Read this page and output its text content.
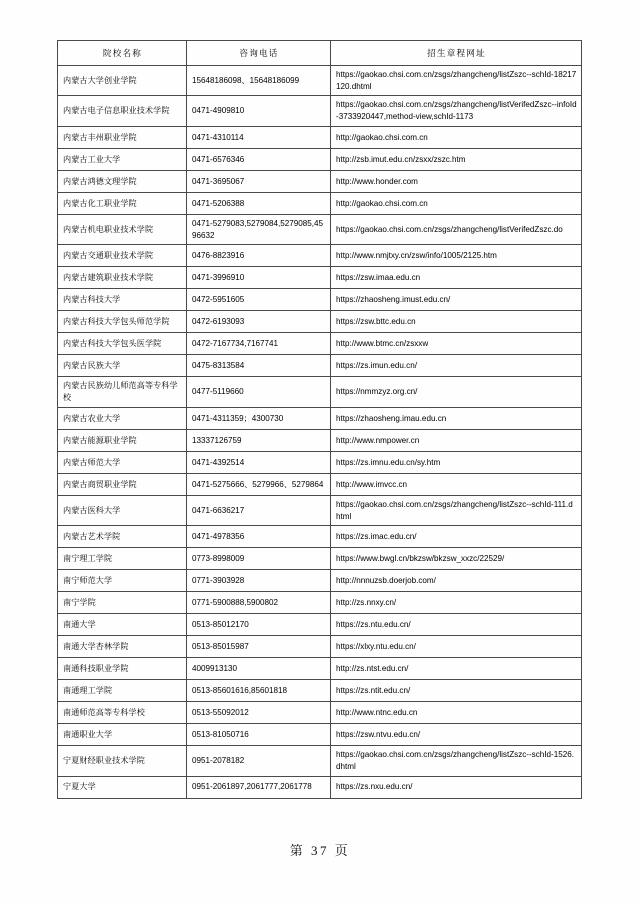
院校名称	咨询电话	招生章程网址
内蒙古大学创业学院	15648186098、15648186099	https://gaokao.chsi.com.cn/zsgs/zhangcheng/listZszc--schId-18217120.dhtml
内蒙古电子信息职业技术学院	0471-4909810	https://gaokao.chsi.com.cn/zsgs/zhangcheng/listVerifedZszc--infoId-3733920447,method-view,schId-1173
内蒙古丰州职业学院	0471-4310114	http://gaokao.chsi.com.cn
内蒙古工业大学	0471-6576346	http://zsb.imut.edu.cn/zsxx/zszc.htm
内蒙古鸿德文理学院	0471-3695067	http://www.honder.com
内蒙古化工职业学院	0471-5206388	http://gaokao.chsi.com.cn
内蒙古机电职业技术学院	0471-5279083,5279084,5279085,4596632	https://gaokao.chsi.com.cn/zsgs/zhangcheng/listVerifedZszc.do
内蒙古交通职业技术学院	0476-8823916	http://www.nmjtxy.cn/zsw/info/1005/2125.htm
内蒙古建筑职业技术学院	0471-3996910	https://zsw.imaa.edu.cn
内蒙古科技大学	0472-5951605	https://zhaosheng.imust.edu.cn/
内蒙古科技大学包头师范学院	0472-6193093	https://zsw.bttc.edu.cn
内蒙古科技大学包头医学院	0472-7167734,7167741	http://www.btmc.cn/zsxxw
内蒙古民族大学	0475-8313584	https://zs.imun.edu.cn/
内蒙古民族幼儿师范高等专科学校	0477-5119660	https://nmmzyz.org.cn/
内蒙古农业大学	0471-4311359；4300730	https://zhaosheng.imau.edu.cn
内蒙古能源职业学院	13337126759	http://www.nmpower.cn
内蒙古师范大学	0471-4392514	https://zs.imnu.edu.cn/sy.htm
内蒙古商贸职业学院	0471-5275666、5279966、5279864	http://www.imvcc.cn
内蒙古医科大学	0471-6636217	https://gaokao.chsi.com.cn/zsgs/zhangcheng/listZszc--schId-111.dhtml
内蒙古艺术学院	0471-4978356	https://zs.imac.edu.cn/
南宁理工学院	0773-8998009	https://www.bwgl.cn/bkzsw/bkzsw_xxzc/22529/
南宁师范大学	0771-3903928	http://nnnuzsb.doerjob.com/
南宁学院	0771-5900888,5900802	http://zs.nnxy.cn/
南通大学	0513-85012170	https://zs.ntu.edu.cn/
南通大学杏林学院	0513-85015987	https://xlxy.ntu.edu.cn/
南通科技职业学院	4009913130	http://zs.ntst.edu.cn/
南通理工学院	0513-85601616,85601818	https://zs.ntit.edu.cn/
南通师范高等专科学校	0513-55092012	http://www.ntnc.edu.cn
南通职业大学	0513-81050716	https://zsw.ntvu.edu.cn/
宁夏财经职业技术学院	0951-2078182	https://gaokao.chsi.com.cn/zsgs/zhangcheng/listZszc--schId-1526.dhtml
宁夏大学	0951-2061897,2061777,2061778	https://zs.nxu.edu.cn/
第 37 页
